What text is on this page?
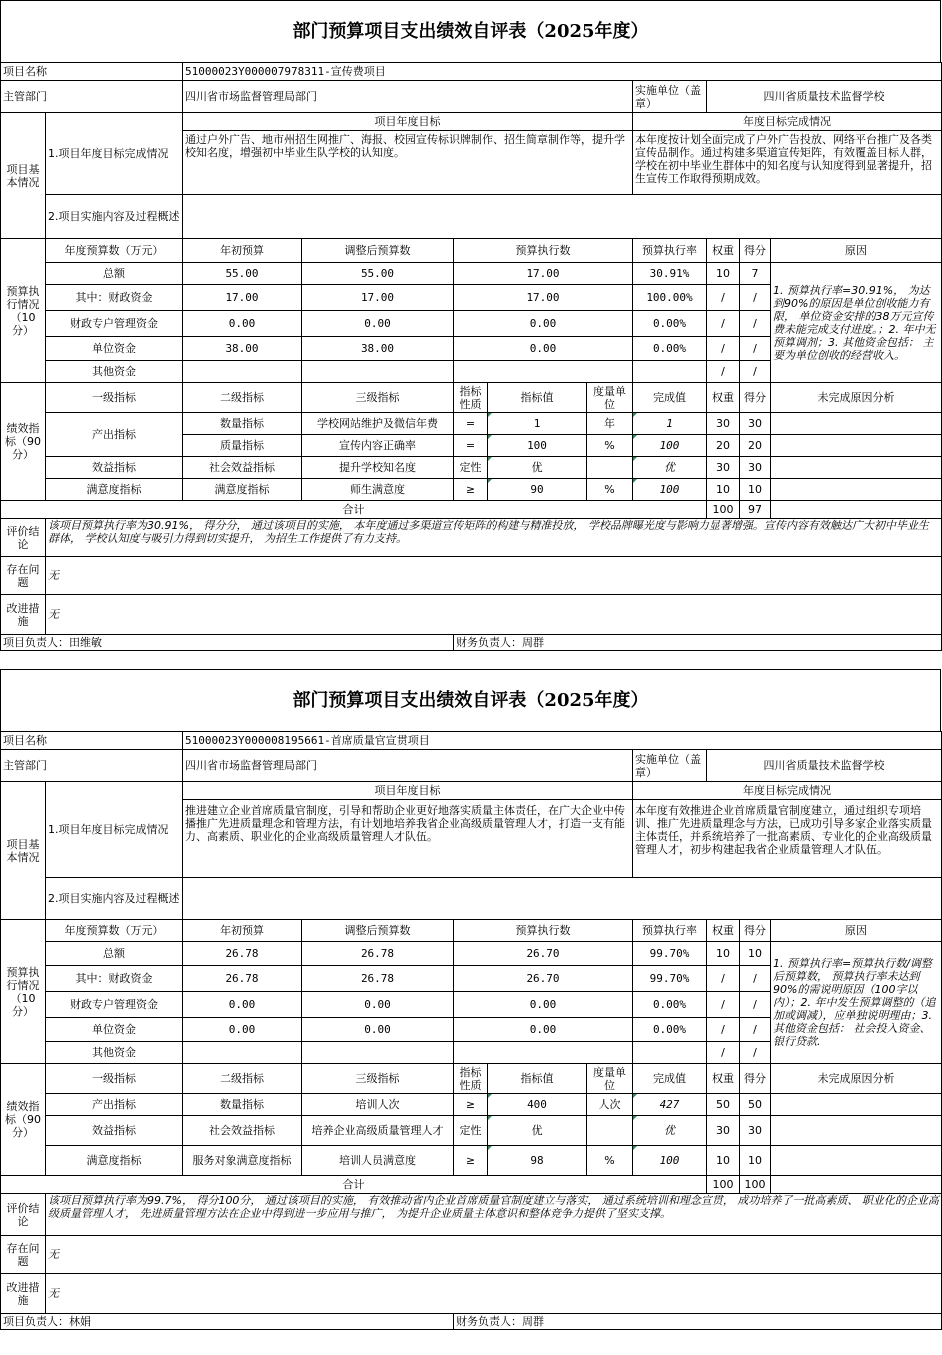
部门预算项目支出绩效自评表（2025年度）
项目名称		51000023Y000007978311-宣传费项目								
主管部门		四川省市场监督管理局部门					实施单位（盖章）	四川省质量技术监督学校		
项目基本情况	1.项目年度目标完成情况	项目年度目标					年度目标完成情况			
		通过户外广告、地市州招生网推广、海报、校园宣传标识牌制作、招生简章制作等，提升学校知名度，增强初中毕业生队学校的认知度。					本年度按计划全面完成了户外广告投放、网络平台推广及各类宣传品制作。通过构建多渠道宣传矩阵，有效覆盖目标人群，学校在初中毕业生群体中的知名度与认知度得到显著提升，招生宣传工作取得预期成效。			
	2.项目实施内容及过程概述									
预算执行情况（10分）	年度预算数（万元）	年初预算	调整后预算数	预算执行数			预算执行率	权重	得分	原因
	总额	55.00	55.00	17.00			30.91%	10	7	1. 预算执行率=30.91%， 为达到90%的原因是单位创收能力有限， 单位资金安排的38万元宣传费未能完成支付进度。；2. 年中无预算调剂；3. 其他资金包括： 主要为单位创收的经营收入。
	其中：财政资金	17.00	17.00	17.00			100.00%	/	/	
	财政专户管理资金	0.00	0.00	0.00			0.00%	/	/	
	单位资金	38.00	38.00	0.00			0.00%	/	/	
	其他资金							/	/	
绩效指标（90分）	一级指标	二级指标	三级指标	指标性质	指标值	度量单位	完成值	权重	得分	未完成原因分析
	产出指标	数量指标	学校网站维护及微信年费	=	1	年	1	30	30	
		质量指标	宣传内容正确率	=	100	%	100	20	20	
	效益指标	社会效益指标	提升学校知名度	定性	优		优	30	30	
	满意度指标	满意度指标	师生满意度	≥	90	%	100	10	10	
合计								100	97	
评价结论	该项目预算执行率为30.91%， 得分分， 通过该项目的实施， 本年度通过多渠道宣传矩阵的构建与精准投放， 学校品牌曝光度与影响力显著增强。宣传内容有效触达广大初中毕业生群体， 学校认知度与吸引力得到切实提升， 为招生工作提供了有力支持。									
存在问题	无									
改进措施	无									
项目负责人：田维敏				财务负责人：周群						
部门预算项目支出绩效自评表（2025年度）
项目名称		51000023Y000008195661-首席质量官宣贯项目								
主管部门		四川省市场监督管理局部门					实施单位（盖章）	四川省质量技术监督学校		
项目基本情况	1.项目年度目标完成情况	项目年度目标					年度目标完成情况			
		推进建立企业首席质量官制度，引导和帮助企业更好地落实质量主体责任，在广大企业中传播推广先进质量理念和管理方法，有计划地培养我省企业高级质量管理人才，打造一支有能力、高素质、职业化的企业高级质量管理人才队伍。					本年度有效推进企业首席质量官制度建立，通过组织专项培训、推广先进质量理念与方法，已成功引导多家企业落实质量主体责任，并系统培养了一批高素质、专业化的企业高级质量管理人才，初步构建起我省企业质量管理人才队伍。			
	2.项目实施内容及过程概述									
预算执行情况（10分）	年度预算数（万元）	年初预算	调整后预算数	预算执行数			预算执行率	权重	得分	原因
	总额	26.78	26.78	26.70			99.70%	10	10	1. 预算执行率=预算执行数/调整后预算数， 预算执行率未达到90%的需说明原因（100字以内）；2. 年中发生预算调整的（追加或调减），应单独说明理由；3. 其他资金包括： 社会投入资金、 银行贷款.
	其中：财政资金	26.78	26.78	26.70			99.70%	/	/	
	财政专户管理资金	0.00	0.00	0.00			0.00%	/	/	
	单位资金	0.00	0.00	0.00			0.00%	/	/	
	其他资金							/	/	
绩效指标（90分）	一级指标	二级指标	三级指标	指标性质	指标值	度量单位	完成值	权重	得分	未完成原因分析
	产出指标	数量指标	培训人次	≥	400	人次	427	50	50	
	效益指标	社会效益指标	培养企业高级质量管理人才	定性	优		优	30	30	
	满意度指标	服务对象满意度指标	培训人员满意度	≥	98	%	100	10	10	
合计								100	100	
评价结论	该项目预算执行率为99.7%， 得分100分， 通过该项目的实施， 有效推动省内企业首席质量官制度建立与落实， 通过系统培训和理念宣贯， 成功培养了一批高素质、 职业化的企业高级质量管理人才， 先进质量管理方法在企业中得到进一步应用与推广， 为提升企业质量主体意识和整体竞争力提供了坚实支撑。									
存在问题	无									
改进措施	无									
项目负责人：林娟				财务负责人：周群						
